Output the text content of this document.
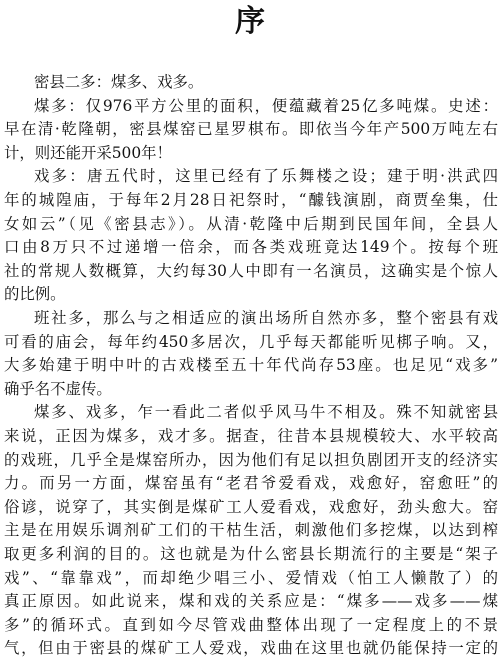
序
密县二多：煤多、戏多。
煤多：仅976平方公里的面积，便蕴藏着25亿多吨煤。史述：
早在清·乾隆朝，密县煤窑已星罗棋布。即依当今年产500万吨左右
计，则还能开采500年！
戏多：唐五代时，这里已经有了乐舞楼之设；建于明·洪武四
年的城隍庙，于每年2月28日祀祭时，“醵钱演剧，商贾垒集，仕
女如云”（见《密县志》）。从清·乾隆中后期到民国年间，全县人
口由8万只不过递增一倍余，而各类戏班竟达149个。按每个班
社的常规人数概算，大约每30人中即有一名演员，这确实是个惊人
的比例。
班社多，那么与之相适应的演出场所自然亦多，整个密县有戏
可看的庙会，每年约450多居次，几乎每天都能听见梆子响。又，
大多始建于明中叶的古戏楼至五十年代尚存53座。也足见“戏多”
确乎名不虚传。
煤多、戏多，乍一看此二者似乎风马牛不相及。殊不知就密县
来说，正因为煤多，戏才多。据查，往昔本县规模较大、水平较高
的戏班，几乎全是煤窑所办，因为他们有足以担负剧团开支的经济实
力。而另一方面，煤窑虽有“老君爷爱看戏，戏愈好，窑愈旺”的
俗谚，说穿了，其实倒是煤矿工人爱看戏，戏愈好，劲头愈大。窑
主是在用娱乐调剂矿工们的干枯生活，刺激他们多挖煤，以达到榨
取更多利润的目的。这也就是为什么密县长期流行的主要是“架子
戏”、“靠靠戏”，而却绝少唱三小、爱情戏（怕工人懒散了）的
真正原因。如此说来，煤和戏的关系应是：“煤多——戏多——煤
多”的循环式。直到如今尽管戏曲整体出现了一定程度上的不景
气，但由于密县的煤矿工人爱戏，戏曲在这里也就仍能保持一定的
